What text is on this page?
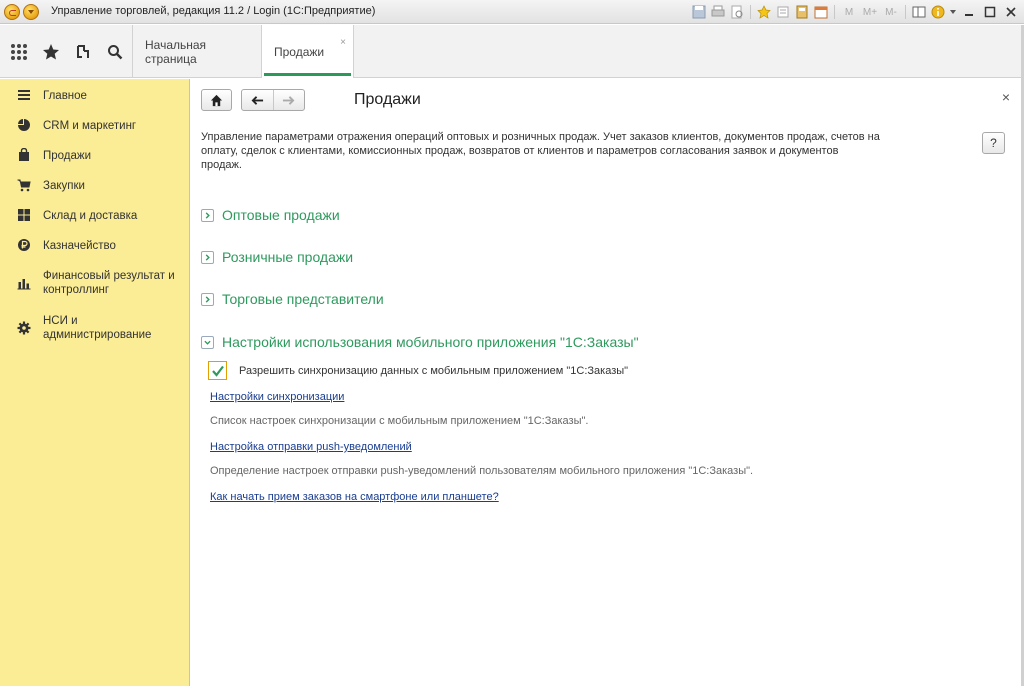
Управление торговлей, редакция 11.2 / Login (1С:Предприятие)	M M+ M-
Начальная страница	Продажи
×
Главное
CRM и маркетинг
Продажи
Закупки
Склад и доставка
Казначейство
Финансовый результат и контроллинг
НСИ и администрирование
Продажи	×
?
Управление параметрами отражения операций оптовых и розничных продаж. Учет заказов клиентов, документов продаж, счетов на оплату, сделок с клиентами, комиссионных продаж, возвратов от клиентов и параметров согласования заявок и документов продаж.
Оптовые продажи
Розничные продажи
Торговые представители
Настройки использования мобильного приложения "1С:Заказы"
Разрешить синхронизацию данных с мобильным приложением "1С:Заказы"
Настройки синхронизации
Список настроек синхронизации с мобильным приложением "1С:Заказы".
Настройка отправки push-уведомлений
Определение настроек отправки push-уведомлений пользователям мобильного приложения "1С:Заказы".
Как начать прием заказов на смартфоне или планшете?
